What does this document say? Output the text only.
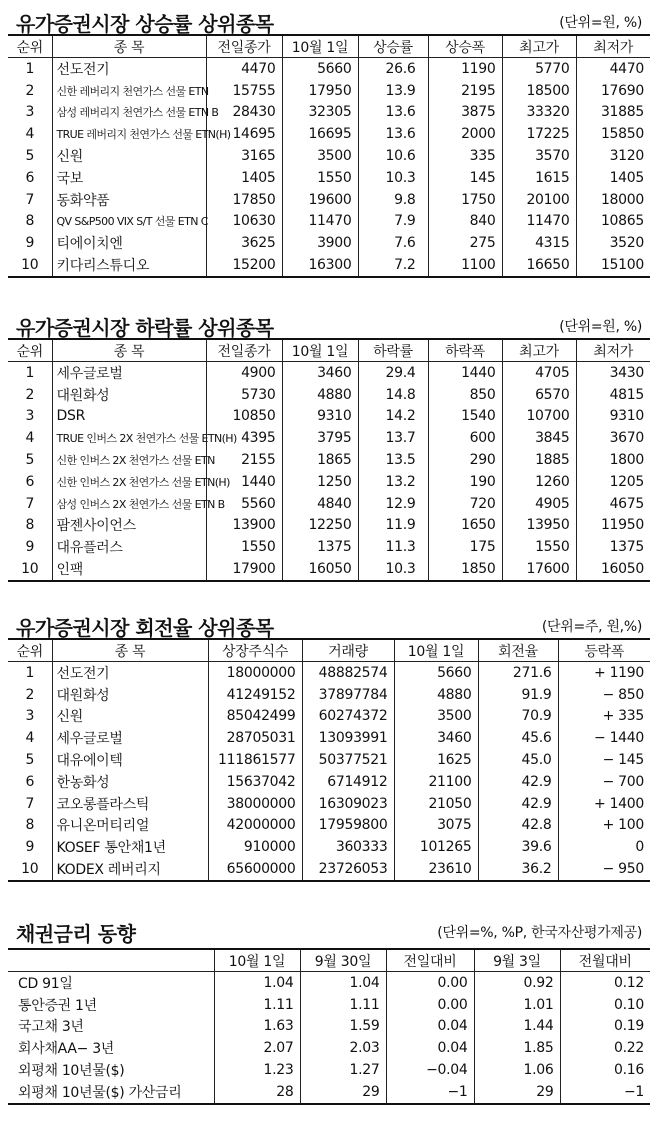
유가증권시장 상승률 상위종목	(단위=원, %)
순위	종 목	전일종가	10월 1일	상승률	상승폭	최고가	최저가
1	선도전기	4470	5660	26.6	1190	5770	4470
2	신한 레버리지 천연가스 선물 ETN	15755	17950	13.9	2195	18500	17690
3	삼성 레버리지 천연가스 선물 ETN B	28430	32305	13.6	3875	33320	31885
4	TRUE 레버리지 천연가스 선물 ETN(H)	14695	16695	13.6	2000	17225	15850
5	신원	3165	3500	10.6	335	3570	3120
6	국보	1405	1550	10.3	145	1615	1405
7	동화약품	17850	19600	9.8	1750	20100	18000
8	QV S&P500 VIX S/T 선물 ETN C	10630	11470	7.9	840	11470	10865
9	티에이치엔	3625	3900	7.6	275	4315	3520
10	키다리스튜디오	15200	16300	7.2	1100	16650	15100
유가증권시장 하락률 상위종목	(단위=원, %)
순위	종 목	전일종가	10월 1일	하락률	하락폭	최고가	최저가
1	세우글로벌	4900	3460	29.4	1440	4705	3430
2	대원화성	5730	4880	14.8	850	6570	4815
3	DSR	10850	9310	14.2	1540	10700	9310
4	TRUE 인버스 2X 천연가스 선물 ETN(H)	4395	3795	13.7	600	3845	3670
5	신한 인버스 2X 천연가스 선물 ETN	2155	1865	13.5	290	1885	1800
6	신한 인버스 2X 천연가스 선물 ETN(H)	1440	1250	13.2	190	1260	1205
7	삼성 인버스 2X 천연가스 선물 ETN B	5560	4840	12.9	720	4905	4675
8	팜젠사이언스	13900	12250	11.9	1650	13950	11950
9	대유플러스	1550	1375	11.3	175	1550	1375
10	인팩	17900	16050	10.3	1850	17600	16050
유가증권시장 회전율 상위종목	(단위=주, 원,%)
순위	종 목	상장주식수	거래량	10월 1일	회전율	등락폭
1	선도전기	18000000	48882574	5660	271.6	+ 1190
2	대원화성	41249152	37897784	4880	91.9	− 850
3	신원	85042499	60274372	3500	70.9	+ 335
4	세우글로벌	28705031	13093991	3460	45.6	− 1440
5	대유에이텍	111861577	50377521	1625	45.0	− 145
6	한농화성	15637042	6714912	21100	42.9	− 700
7	코오롱플라스틱	38000000	16309023	21050	42.9	+ 1400
8	유니온머티리얼	42000000	17959800	3075	42.8	+ 100
9	KOSEF 통안채1년	910000	360333	101265	39.6	0
10	KODEX 레버리지	65600000	23726053	23610	36.2	− 950
채권금리 동향	(단위=%, %P, 한국자산평가제공)
	10월 1일	9월 30일	전일대비	9월 3일	전월대비
CD 91일	1.04	1.04	0.00	0.92	0.12
통안증권 1년	1.11	1.11	0.00	1.01	0.10
국고채 3년	1.63	1.59	0.04	1.44	0.19
회사채AA− 3년	2.07	2.03	0.04	1.85	0.22
외평채 10년물($)	1.23	1.27	−0.04	1.06	0.16
외평채 10년물($) 가산금리	28	29	−1	29	−1
